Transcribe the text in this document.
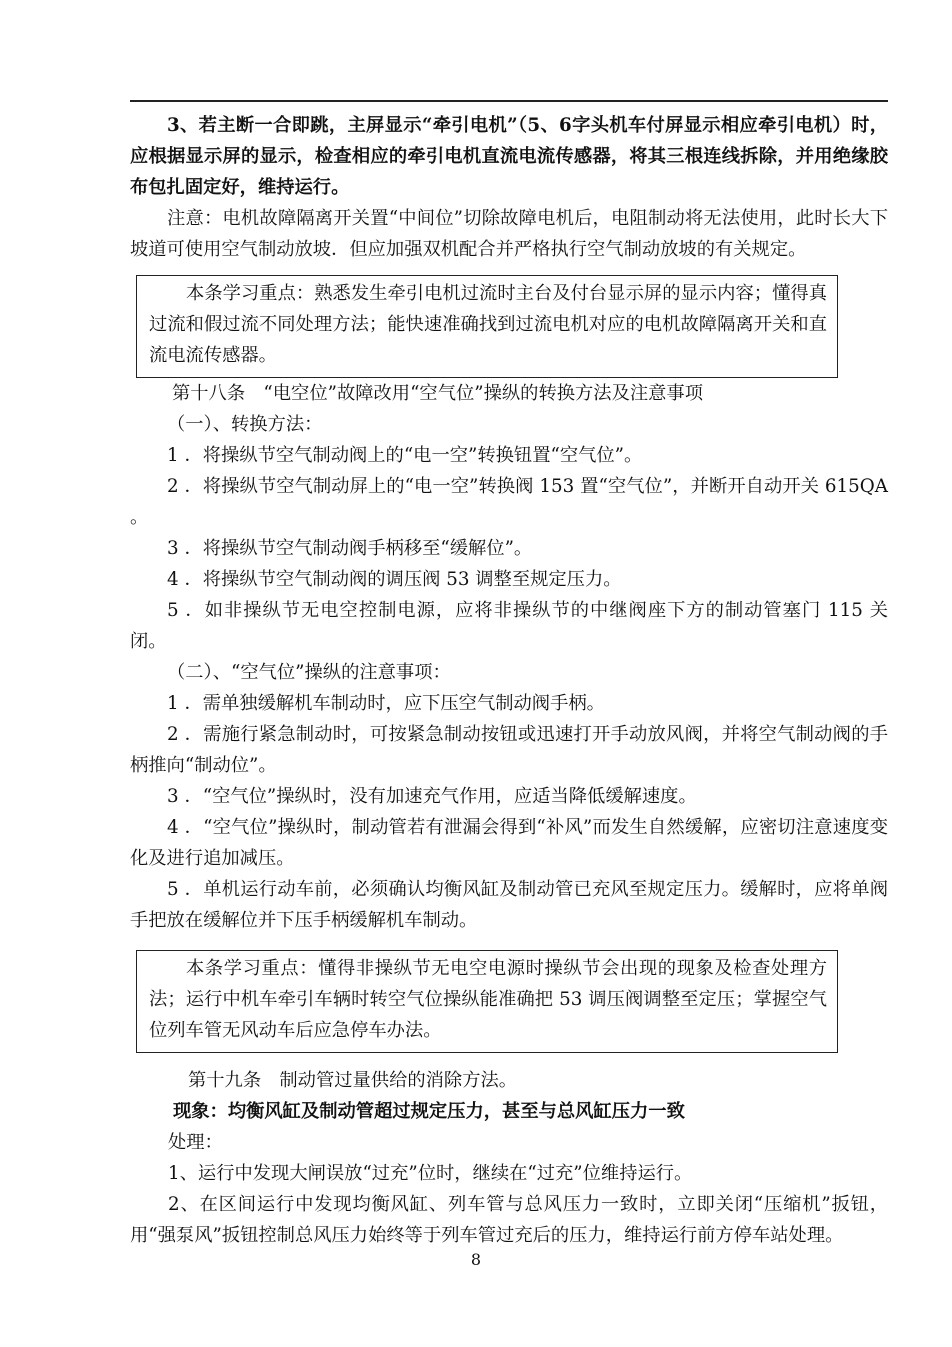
3、若主断一合即跳，主屏显示“牵引电机”（5、6字头机车付屏显示相应牵引电机）时，应根据显示屏的显示，检查相应的牵引电机直流电流传感器，将其三根连线拆除，并用绝缘胶布包扎固定好，维持运行。

注意：电机故障隔离开关置“中间位”切除故障电机后，电阻制动将无法使用，此时长大下坡道可使用空气制动放坡．但应加强双机配合并严格执行空气制动放坡的有关规定。

本条学习重点：熟悉发生牵引电机过流时主台及付台显示屏的显示内容；懂得真过流和假过流不同处理方法；能快速准确找到过流电机对应的电机故障隔离开关和直流电流传感器。

第十八条　“电空位”故障改用“空气位”操纵的转换方法及注意事项

（一）、转换方法：

1 ．将操纵节空气制动阀上的“电一空”转换钮置“空气位”。

2 ．将操纵节空气制动屏上的“电一空”转换阀 153 置“空气位”，并断开自动开关 615QA 。

3 ．将操纵节空气制动阀手柄移至“缓解位”。

4 ．将操纵节空气制动阀的调压阀 53 调整至规定压力。

5 ．如非操纵节无电空控制电源，应将非操纵节的中继阀座下方的制动管塞门 115 关闭。

（二）、“空气位”操纵的注意事项：

1 ．需单独缓解机车制动时，应下压空气制动阀手柄。

2 ．需施行紧急制动时，可按紧急制动按钮或迅速打开手动放风阀，并将空气制动阀的手柄推向“制动位”。

3 ．“空气位”操纵时，没有加速充气作用，应适当降低缓解速度。

4 ．“空气位”操纵时，制动管若有泄漏会得到“补风”而发生自然缓解，应密切注意速度变化及进行追加减压。

5 ．单机运行动车前，必须确认均衡风缸及制动管已充风至规定压力。缓解时，应将单阀手把放在缓解位并下压手柄缓解机车制动。

本条学习重点：懂得非操纵节无电空电源时操纵节会出现的现象及检查处理方法；运行中机车牵引车辆时转空气位操纵能准确把 53 调压阀调整至定压；掌握空气位列车管无风动车后应急停车办法。

第十九条　制动管过量供给的消除方法。

现象：均衡风缸及制动管超过规定压力，甚至与总风缸压力一致

处理：

1、运行中发现大闸误放“过充”位时，继续在“过充”位维持运行。

2、在区间运行中发现均衡风缸、列车管与总风压力一致时，立即关闭“压缩机”扳钮，用“强泵风”扳钮控制总风压力始终等于列车管过充后的压力，维持运行前方停车站处理。

8
